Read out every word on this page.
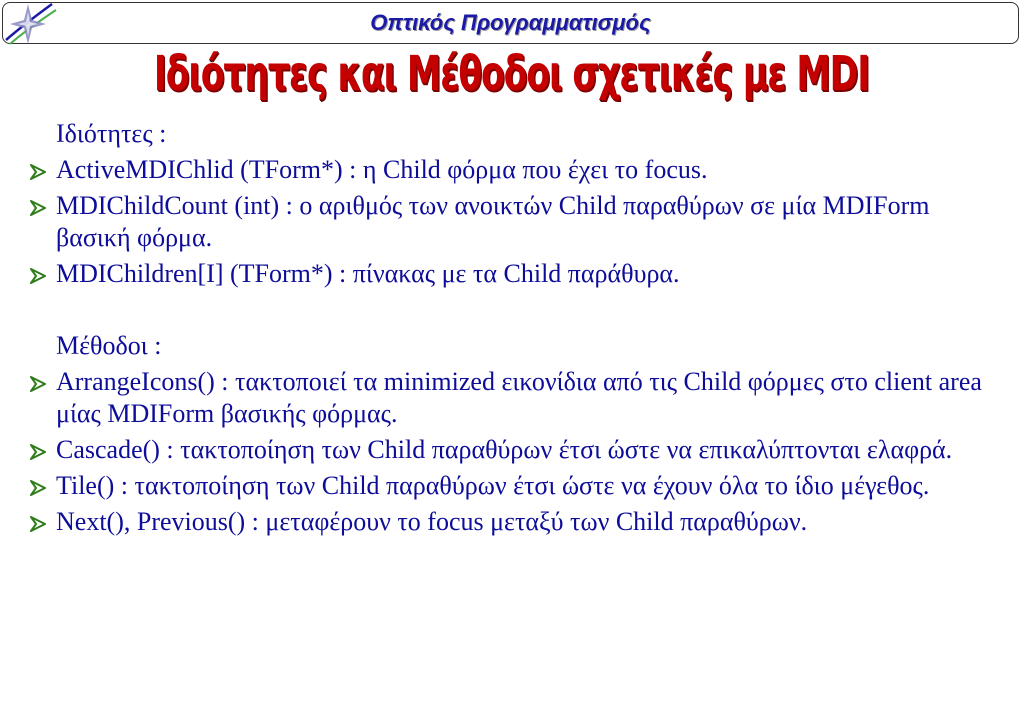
Οπτικός Προγραμματισμός
Ιδιότητες και Μέθοδοι σχετικές με MDI
Ιδιότητες :
ActiveMDIChlid (TForm*) : η Child φόρμα που έχει το focus.
MDIChildCount (int) : ο αριθμός των ανοικτών Child παραθύρων σε μία MDIForm βασική φόρμα.
MDIChildren[I] (TForm*) : πίνακας με τα Child παράθυρα.
Μέθοδοι :
ArrangeIcons() : τακτοποιεί τα minimized εικονίδια από τις Child φόρμες στο client area μίας MDIForm βασικής φόρμας.
Cascade() : τακτοποίηση των Child παραθύρων έτσι ώστε να επικαλύπτονται ελαφρά.
Tile() : τακτοποίηση των Child παραθύρων έτσι ώστε να έχουν όλα το ίδιο μέγεθος.
Next(), Previous() : μεταφέρουν το focus μεταξύ των Child παραθύρων.
